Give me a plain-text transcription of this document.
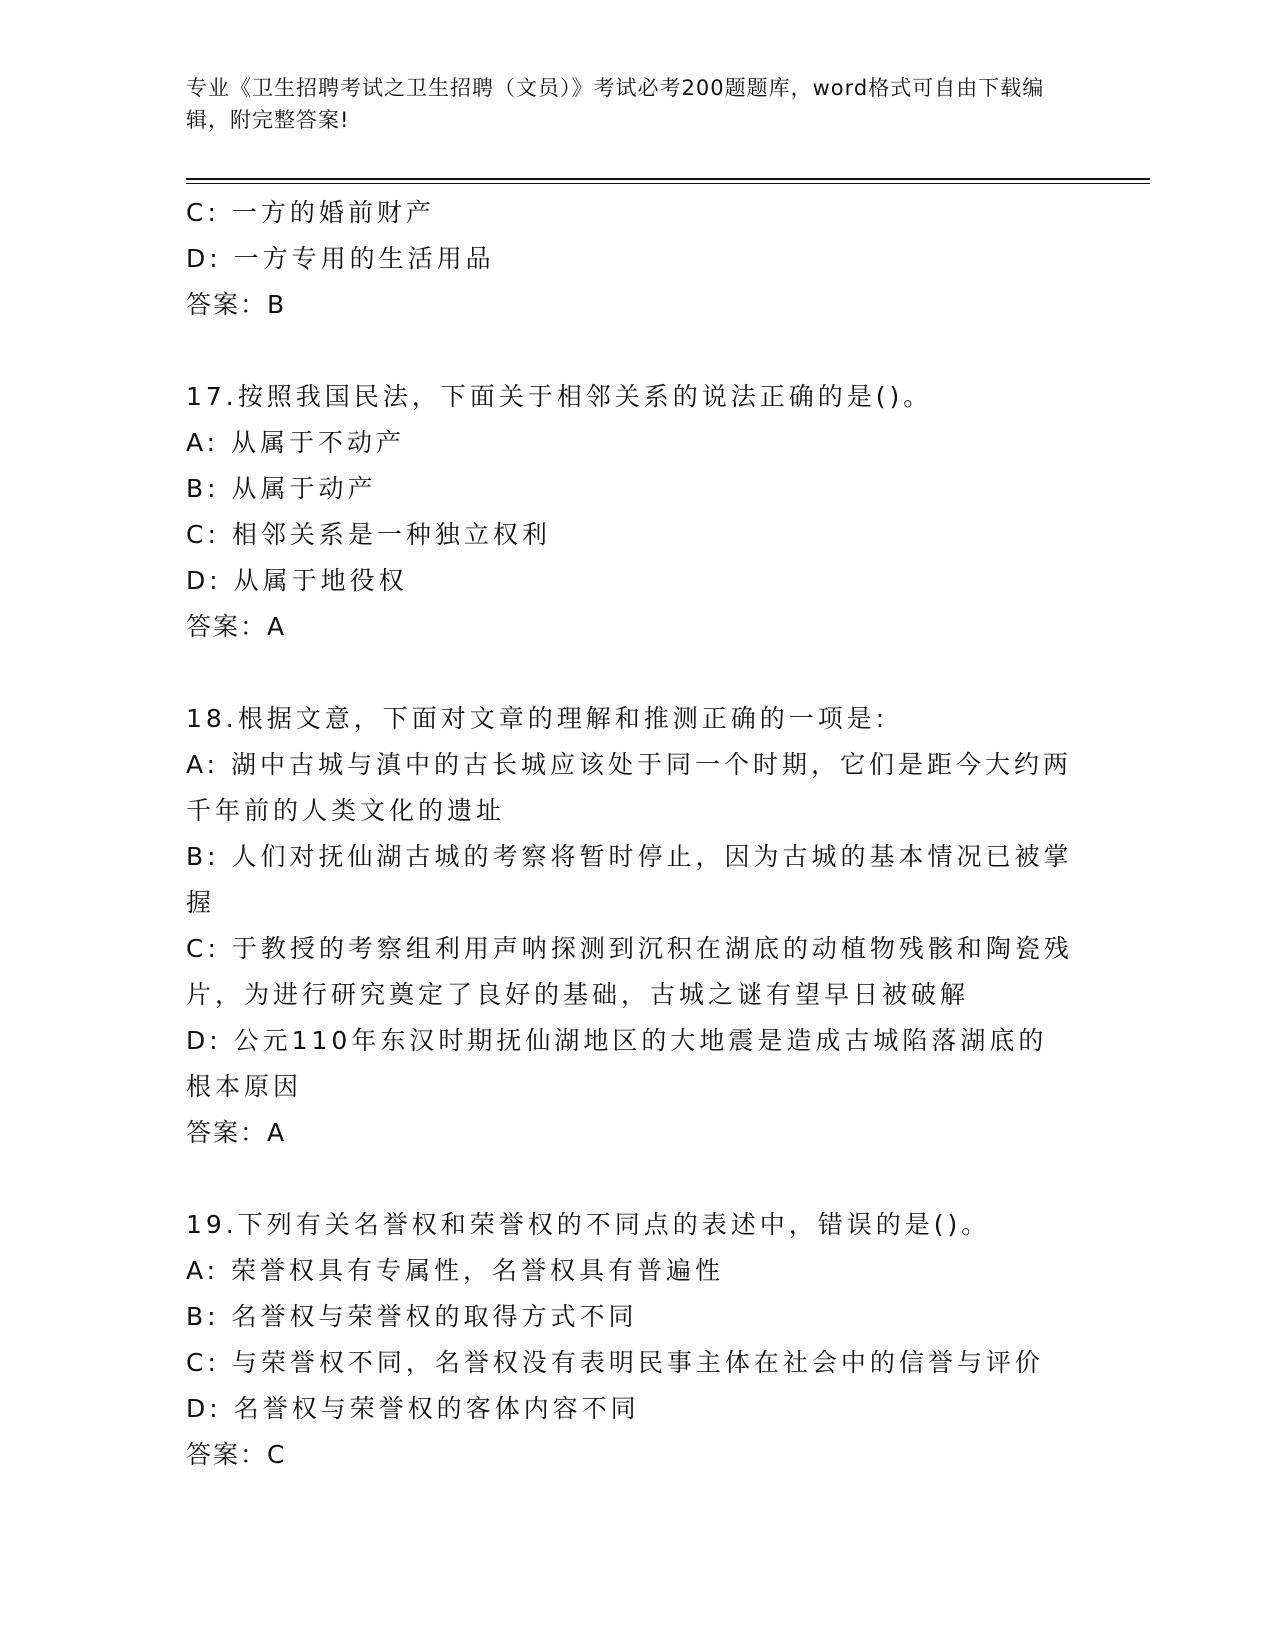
专业《卫生招聘考试之卫生招聘（文员）》考试必考200题题库，word格式可自由下载编辑，附完整答案!

C: 一方的婚前财产

D: 一方专用的生活用品

答案：B

17.按照我国民法，下面关于相邻关系的说法正确的是()。

A: 从属于不动产

B: 从属于动产

C: 相邻关系是一种独立权利

D: 从属于地役权

答案：A

18.根据文意，下面对文章的理解和推测正确的一项是:

A: 湖中古城与滇中的古长城应该处于同一个时期，它们是距今大约两千年前的人类文化的遗址

B: 人们对抚仙湖古城的考察将暂时停止，因为古城的基本情况已被掌握

C: 于教授的考察组利用声呐探测到沉积在湖底的动植物残骸和陶瓷残片，为进行研究奠定了良好的基础，古城之谜有望早日被破解

D: 公元110年东汉时期抚仙湖地区的大地震是造成古城陷落湖底的根本原因

答案：A

19.下列有关名誉权和荣誉权的不同点的表述中，错误的是()。

A: 荣誉权具有专属性，名誉权具有普遍性

B: 名誉权与荣誉权的取得方式不同

C: 与荣誉权不同，名誉权没有表明民事主体在社会中的信誉与评价

D: 名誉权与荣誉权的客体内容不同

答案：C
